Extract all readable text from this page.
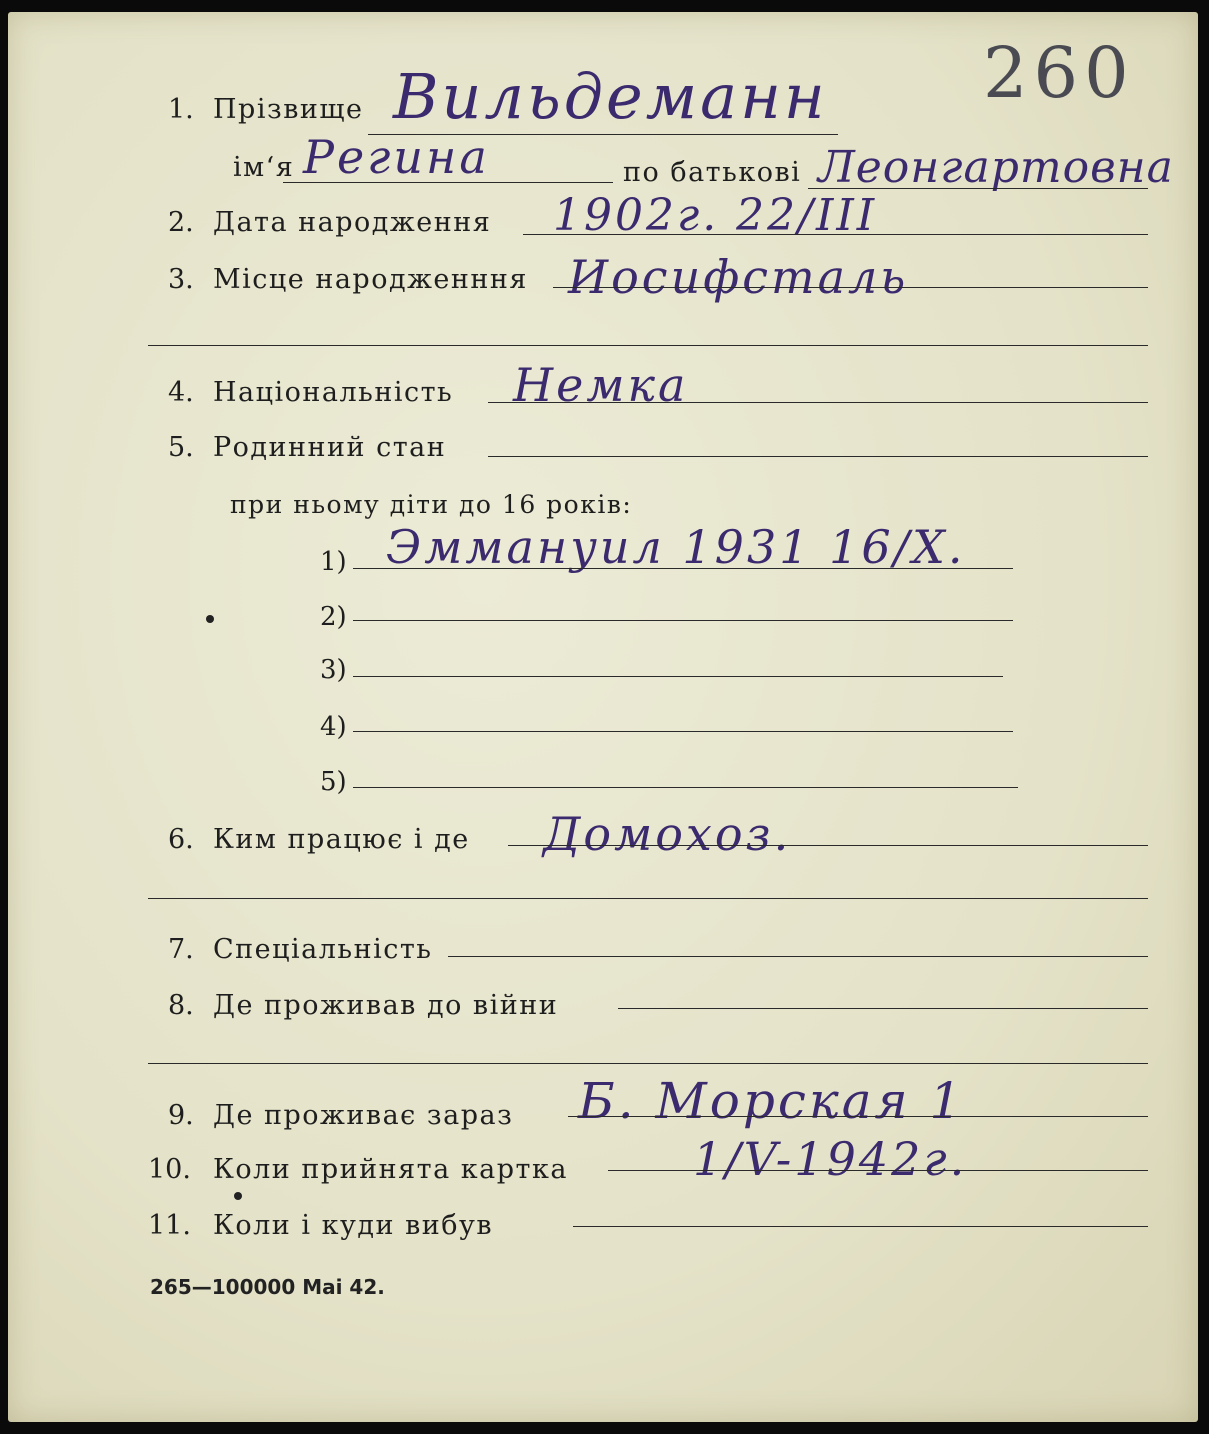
260
1. Прізвище Вильдеманн
ім‘я Регина	по батькові Леонгартовна
2. Дата народження 1902г. 22/III
3. Місце народженння Иосифсталь
4. Національність Немка
5. Родинний стан
при ньому діти до 16 років:
1) Эммануил 1931 16/X.
2)
3)
4)
5)
6. Ким працює і де Домохоз.
7. Спеціальність
8. Де проживав до війни
9. Де проживає зараз Б. Морская 1
10. Коли прийнята картка	1/V-1942г.
11. Коли і куди вибув
265—100000 Mai 42.
